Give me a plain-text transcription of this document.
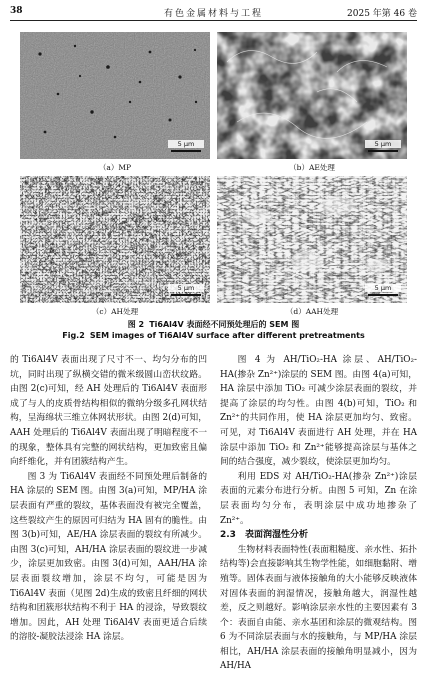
38	有色金属材料与工程	2025 年第 46 卷
5 μm
（a）MP
5 μm
（b）AE处理
5 μm
（c）AH处理
5 μm
（d）AAH处理
图 2 Ti6Al4V 表面经不同预处理后的 SEM 图
Fig.2 SEM images of Ti6Al4V surface after different pretreatments

的 Ti6Al4V 表面出现了尺寸不一、均匀分布的凹坑，同时出现了纵横交错的微米级圆山峦状纹路。由图 2(c)可知，经 AH 处理后的 Ti6Al4V 表面形成了与人的皮质骨结构相似的微纳分级多孔网状结构，呈海绵状三维立体网状形状。由图 2(d)可知，AAH 处理后的 Ti6Al4V 表面出现了明暗程度不一的现象，整体具有完整的网状结构，更加致密且偏向纤维化，并有团簇结构产生。

图 3 为 Ti6Al4V 表面经不同预处理后制备的 HA 涂层的 SEM 图。由图 3(a)可知，MP/HA 涂层表面有严重的裂纹，基体表面没有被完全覆盖，这些裂纹产生的原因可归结为 HA 固有的脆性。由图 3(b)可知，AE/HA 涂层表面的裂纹有所减少。由图 3(c)可知，AH/HA 涂层表面的裂纹进一步减少，涂层更加致密。由图 3(d)可知，AAH/HA 涂层表面裂纹增加，涂层不均匀，可能是因为 Ti6Al4V 表面（见图 2d)生成的致密且纤细的网状结构和团簇形状结构不利于 HA 的浸涂，导致裂纹增加。因此，AH 处理 Ti6Al4V 表面更适合后续的溶胶-凝胶法浸涂 HA 涂层。

图 4 为 AH/TiO₂-HA 涂层、AH/TiO₂-HA(掺杂 Zn²⁺)涂层的 SEM 图。由图 4(a)可知，HA 涂层中添加 TiO₂ 可减少涂层表面的裂纹，并提高了涂层的均匀性。由图 4(b)可知，TiO₂ 和 Zn²⁺的共同作用，使 HA 涂层更加均匀、致密。可见，对 Ti6Al4V 表面进行 AH 处理，并在 HA 涂层中添加 TiO₂ 和 Zn²⁺能够提高涂层与基体之间的结合强度，减少裂纹，使涂层更加均匀。

利用 EDS 对 AH/TiO₂-HA(掺杂 Zn²⁺)涂层表面的元素分布进行分析。由图 5 可知，Zn 在涂层表面均匀分布，表明涂层中成功地掺杂了 Zn²⁺。

2.3　表面润湿性分析

生物材料表面特性(表面粗糙度、亲水性、拓扑结构等)会直接影响其生物学性能，如细胞黏附、增殖等。固体表面与液体接触角的大小能够反映液体对固体表面的润湿情况，接触角越大，润湿性越差，反之则越好。影响涂层亲水性的主要因素有 3 个：表面自由能、亲水基团和涂层的微观结构。图 6 为不同涂层表面与水的接触角，与 MP/HA 涂层相比，AH/HA 涂层表面的接触角明显减小，因为 AH/HA
